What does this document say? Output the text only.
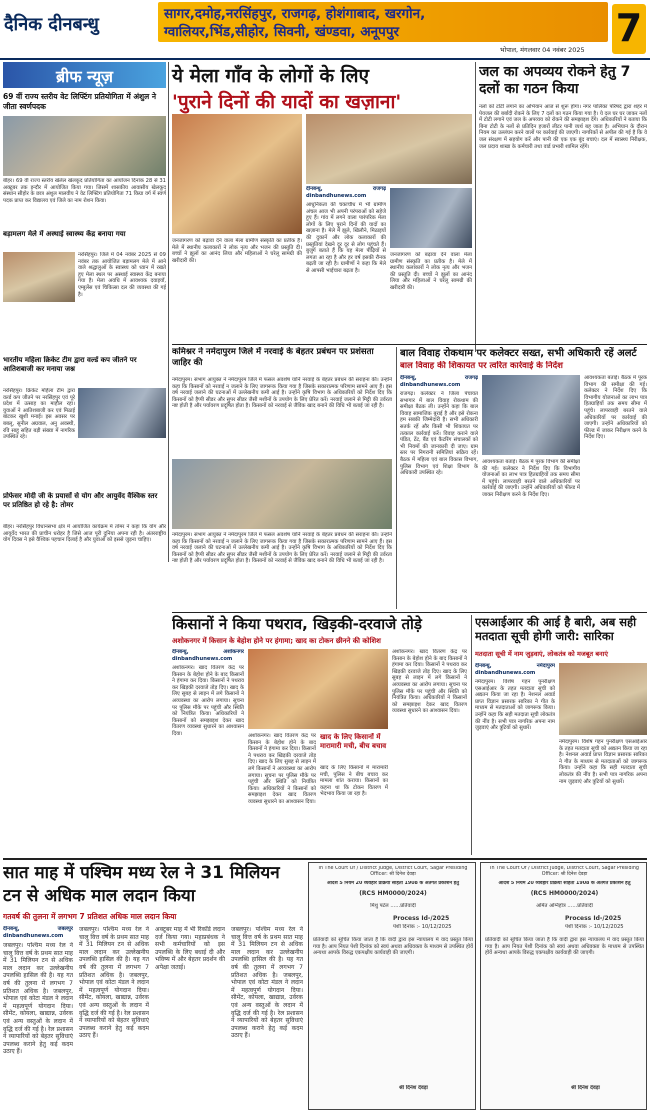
दैनिक दीनबन्धु	सागर,दमोह,नरसिंहपुर, राजगढ़, होशंगाबाद, खरगोन,
ग्वालियर,भिंड,सीहोर, सिवनी, खंण्डवा, अनूपपुर
भोपाल, मंगलवार 04 नवंबर 2025 7
ब्रीफ न्यूज़
69 वीं राज्य स्तरीय वेट लिफ्टिंग प्रतियोगिता में अंशुल ने जीता स्वर्णपदक
बीहर। 69 वी राज्य स्तरीय खेलेल खेलकूद प्रतियोगिता का आयोजन दिनांक 28 से 31 अक्टूबर तक इन्दौर में आयोजित किया गया। जिसमें शासकीय आवासीय खेलकूद संस्थान सीहोर के छात्र अंशुल मालवीय ने वेट लिफ्टिंग प्रतियोगिता 71 किग्रा वर्ग में स्वर्ण पदक प्राप्त कर विद्यालय एवं जिले का नाम रोशन किया।
बड़ामलग मेले में अस्थाई स्वास्थ्य केंद्र बनाया गया
नरसिंहपुर। जिले में 04 नवंबर 2025 से 09 नवंबर तक आयोजित बड़ामलग मेले में आने वाले श्रद्धालुओं के स्वास्थ्य को ध्यान में रखते हुए मेला स्थल पर अस्थाई स्वास्थ्य केंद्र बनाया गया है। मेला अवधि में आवश्यक दवाइयाँ, एम्बुलेंस एवं चिकित्सा दल की व्यवस्था की गई है।
भारतीय महिला क्रिकेट टीम द्वारा वर्ल्ड कप जीतने पर आतिशबाजी कर मनाया जश्न
नरसिंहपुर। क्रिकेट महिला टीम द्वारा वर्ल्ड कप जीतने पर नरसिंहपुर एवं पूरे प्रदेश में उत्साह का माहौल रहा। युवाओं ने आतिशबाजी कर एवं मिठाई बांटकर खुशी मनाई। इस अवसर पर बबलू, सुनील अग्रवाल, अनु अवस्थी, रवि साहू सहित बड़ी संख्या में नागरिक उपस्थित रहे।
प्रोफेसर मोदी जी के प्रयासों से योग और आयुर्वेद वैश्विक स्तर पर प्रतिष्ठित हो रहे है: तोमर
बीहर। नरसिंहपुर विधानसभा क्षेत्र में आयोजित कार्यक्रम में तोमर ने कहा कि योग और आयुर्वेद भारत की प्राचीन धरोहर है जिसे आज पूरी दुनिया अपना रही है। अंतरराष्ट्रीय योग दिवस ने इसे वैश्विक पहचान दिलाई है और युवाओं को इससे जुड़ना चाहिए।
ये मेला गाँव के लोगों के लिए
'पुराने दिनों की यादों का खज़ाना'
दीनबन्धु, राजगढ़ dinbandhunews.com
आधुनिकता की चकाचौंध में भी ग्रामीण अंचल आज भी अपनी परंपराओं को सहेजे हुए हैं। गांव में लगने वाला पारंपरिक मेला लोगों के लिए पुराने दिनों की यादों का खज़ाना है। मेले में झूले, खिलौने, मिठाइयों की दुकानें और लोक कलाकारों की प्रस्तुतियां देखने दूर दूर से लोग पहुंचते हैं। बुजुर्ग बताते हैं कि यह मेला पीढ़ियों से लगता आ रहा है और हर वर्ष इसकी रौनक बढ़ती जा रही है। ग्रामीणों ने कहा कि मेले से आपसी भाईचारा बढ़ता है।
जनजागरण को बढ़ावा देने वाला मेला ग्रामीण संस्कृति का प्रतीक है। मेले में स्थानीय कलाकारों ने लोक नृत्य और भजन की प्रस्तुति दी। बच्चों ने झूलों का आनंद लिया और महिलाओं ने घरेलू सामग्री की खरीदारी की।
जनजागरण को बढ़ावा देने वाला मेला ग्रामीण संस्कृति का प्रतीक है। मेले में स्थानीय कलाकारों ने लोक नृत्य और भजन की प्रस्तुति दी। बच्चों ने झूलों का आनंद लिया और महिलाओं ने घरेलू सामग्री की खरीदारी की।
जल का अपव्यय रोकने हेतु 7 दलों का गठन किया
नलों को टोटी लगाने का अभियान आज से शुरू होगा। नगर पालिका परिषद द्वारा शहर में पेयजल की बर्बादी रोकने के लिए 7 दलों का गठन किया गया है। ये दल घर घर जाकर नलों में टोटी लगाने एवं जल के अपव्यय को रोकने की समझाइश देंगे। अधिकारियों ने बताया कि बिना टोटी के नलों से प्रतिदिन हजारों लीटर पानी व्यर्थ बह जाता है। अभियान के दौरान नियम का उल्लंघन करने वालों पर कार्रवाई की जाएगी। नागरिकों से अपील की गई है कि वे जल संरक्षण में सहयोग करें और पानी की एक एक बूंद बचाएं। दल में स्वास्थ्य निरीक्षक, जल प्रदाय शाखा के कर्मचारी तथा वार्ड प्रभारी शामिल रहेंगे।
कमिश्नर ने नर्मदापुरम जिले में नरवाई के बेहतर प्रबंधन पर प्रशंसता जाहिर की
नर्मदापुरम। संभाग आयुक्त ने नर्मदापुरम जिले में फसल अवशेष यानि नरवाई के बेहतर प्रबंधन की सराहना की। उन्होंने कहा कि किसानों को नरवाई न जलाने के लिए जागरूक किया गया है जिसके सकारात्मक परिणाम सामने आए हैं। इस वर्ष नरवाई जलाने की घटनाओं में उल्लेखनीय कमी आई है। उन्होंने कृषि विभाग के अधिकारियों को निर्देश दिए कि किसानों को हैप्पी सीडर और सुपर सीडर जैसी मशीनों के उपयोग के लिए प्रेरित करें। नरवाई जलाने से मिट्टी की उर्वरता नष्ट होती है और पर्यावरण प्रदूषित होता है। किसानों को नरवाई से जैविक खाद बनाने की विधि भी बताई जा रही है।
नर्मदापुरम। संभाग आयुक्त ने नर्मदापुरम जिले में फसल अवशेष यानि नरवाई के बेहतर प्रबंधन की सराहना की। उन्होंने कहा कि किसानों को नरवाई न जलाने के लिए जागरूक किया गया है जिसके सकारात्मक परिणाम सामने आए हैं। इस वर्ष नरवाई जलाने की घटनाओं में उल्लेखनीय कमी आई है। उन्होंने कृषि विभाग के अधिकारियों को निर्देश दिए कि किसानों को हैप्पी सीडर और सुपर सीडर जैसी मशीनों के उपयोग के लिए प्रेरित करें। नरवाई जलाने से मिट्टी की उर्वरता नष्ट होती है और पर्यावरण प्रदूषित होता है। किसानों को नरवाई से जैविक खाद बनाने की विधि भी बताई जा रही है।
बाल विवाह रोकथाम पर कलेक्टर सख्त, सभी अधिकारी रहें अलर्ट
बाल विवाह की शिकायत पर त्वरित कार्रवाई के निर्देश
दीनबन्धु, राजगढ़ dinbandhunews.com
राजगढ़। कलेक्टर ने जिला पंचायत सभागार में बाल विवाह रोकथाम की समीक्षा बैठक ली। उन्होंने कहा कि बाल विवाह सामाजिक बुराई है और इसे रोकना हम सबकी जिम्मेदारी है। सभी अधिकारी सतर्क रहें और किसी भी शिकायत पर तत्काल कार्रवाई करें। विवाह कराने वाले पंडित, टेंट, बैंड एवं कैटरिंग संचालकों को भी नियमों की जानकारी दी जाए। ग्राम स्तर पर निगरानी समितियां सक्रिय रहें। बैठक में महिला एवं बाल विकास विभाग, पुलिस विभाग एवं शिक्षा विभाग के अधिकारी उपस्थित रहे।
आवश्यकता बताई। बैठक में पूरक विभाग की समीक्षा की गई। कलेक्टर ने निर्देश दिए कि विभागीय योजनाओं का लाभ पात्र हितग्राहियों तक समय सीमा में पहुंचे। लापरवाही बरतने वाले अधिकारियों पर कार्रवाई की जाएगी। उन्होंने अधिकारियों को फील्ड में जाकर निरीक्षण करने के निर्देश दिए।
आवश्यकता बताई। बैठक में पूरक विभाग की समीक्षा की गई। कलेक्टर ने निर्देश दिए कि विभागीय योजनाओं का लाभ पात्र हितग्राहियों तक समय सीमा में पहुंचे। लापरवाही बरतने वाले अधिकारियों पर कार्रवाई की जाएगी। उन्होंने अधिकारियों को फील्ड में जाकर निरीक्षण करने के निर्देश दिए।
किसानों ने किया पथराव, खिड़की-दरवाजे तोड़े
अशोकनगर में किसान के बेहोश होने पर हंगामा; खाद का टोकन छीनने की कोशिश
दीनबन्धु, अशोकनगर dinbandhunews.com
अशोकनगर। खाद वितरण केंद्र पर किसान के बेहोश होने के बाद किसानों ने हंगामा कर दिया। किसानों ने पथराव कर खिड़की दरवाजे तोड़ दिए। खाद के लिए सुबह से लाइन में लगे किसानों ने अव्यवस्था का आरोप लगाया। सूचना पर पुलिस मौके पर पहुंची और स्थिति को नियंत्रित किया। अधिकारियों ने किसानों को समझाइश देकर खाद वितरण व्यवस्था सुधारने का आश्वासन दिया।	अशोकनगर। खाद वितरण केंद्र पर किसान के बेहोश होने के बाद किसानों ने हंगामा कर दिया। किसानों ने पथराव कर खिड़की दरवाजे तोड़ दिए। खाद के लिए सुबह से लाइन में लगे किसानों ने अव्यवस्था का आरोप लगाया। सूचना पर पुलिस मौके पर पहुंची और स्थिति को नियंत्रित किया। अधिकारियों ने किसानों को समझाइश देकर खाद वितरण व्यवस्था सुधारने का आश्वासन दिया।
खाद के लिए किसानों में मारामारी मची, बीच बचाव
खाद के लिए किसानों में मारामारी मची, पुलिस ने बीच बचाव कर मामला शांत कराया। किसानों का कहना था कि टोकन वितरण में भेदभाव किया जा रहा है।
अशोकनगर। खाद वितरण केंद्र पर किसान के बेहोश होने के बाद किसानों ने हंगामा कर दिया। किसानों ने पथराव कर खिड़की दरवाजे तोड़ दिए। खाद के लिए सुबह से लाइन में लगे किसानों ने अव्यवस्था का आरोप लगाया। सूचना पर पुलिस मौके पर पहुंची और स्थिति को नियंत्रित किया। अधिकारियों ने किसानों को समझाइश देकर खाद वितरण व्यवस्था सुधारने का आश्वासन दिया।
एसआईआर की आई है बारी, अब सही मतदाता सूची होगी जारी: सारिका
मतदाता सूची में नाम जुड़वाएं, लोकतंत्र को मजबूत बनाएं
दीनबन्धु, नर्मदापुरम dinbandhunews.com
नर्मदापुरम। विशेष गहन पुनरीक्षण एसआईआर के तहत मतदाता सूची को अद्यतन किया जा रहा है। नेशनल अवार्ड प्राप्त विज्ञान प्रसारक सारिका ने गीत के माध्यम से मतदाताओं को जागरूक किया। उन्होंने कहा कि सही मतदाता सूची लोकतंत्र की नींव है। सभी पात्र नागरिक अपना नाम जुड़वाएं और त्रुटियों को सुधारें।
नर्मदापुरम। विशेष गहन पुनरीक्षण एसआईआर के तहत मतदाता सूची को अद्यतन किया जा रहा है। नेशनल अवार्ड प्राप्त विज्ञान प्रसारक सारिका ने गीत के माध्यम से मतदाताओं को जागरूक किया। उन्होंने कहा कि सही मतदाता सूची लोकतंत्र की नींव है। सभी पात्र नागरिक अपना नाम जुड़वाएं और त्रुटियों को सुधारें।
सात माह में पश्चिम मध्य रेल ने 31 मिलियन टन से अधिक माल लदान किया
गतवर्ष की तुलना में लगभग 7 प्रतिशत अधिक माल लदान किया
दीनबन्धु, जबलपुर dinbandhunews.com
जबलपुर। पश्चिम मध्य रेल ने चालू वित्त वर्ष के प्रथम सात माह में 31 मिलियन टन से अधिक माल लदान कर उल्लेखनीय उपलब्धि हासिल की है। यह गत वर्ष की तुलना में लगभग 7 प्रतिशत अधिक है। जबलपुर, भोपाल एवं कोटा मंडल ने लदान में महत्वपूर्ण योगदान दिया। सीमेंट, कोयला, खाद्यान्न, उर्वरक एवं अन्य वस्तुओं के लदान में वृद्धि दर्ज की गई है। रेल प्रशासन ने व्यापारियों को बेहतर सुविधाएं उपलब्ध कराने हेतु कई कदम उठाए हैं।
जबलपुर। पश्चिम मध्य रेल ने चालू वित्त वर्ष के प्रथम सात माह में 31 मिलियन टन से अधिक माल लदान कर उल्लेखनीय उपलब्धि हासिल की है। यह गत वर्ष की तुलना में लगभग 7 प्रतिशत अधिक है। जबलपुर, भोपाल एवं कोटा मंडल ने लदान में महत्वपूर्ण योगदान दिया। सीमेंट, कोयला, खाद्यान्न, उर्वरक एवं अन्य वस्तुओं के लदान में वृद्धि दर्ज की गई है। रेल प्रशासन ने व्यापारियों को बेहतर सुविधाएं उपलब्ध कराने हेतु कई कदम उठाए हैं।
अक्टूबर माह में भी रिकॉर्ड लदान दर्ज किया गया। महाप्रबंधक ने सभी कर्मचारियों को इस उपलब्धि के लिए बधाई दी और भविष्य में और बेहतर प्रदर्शन की अपेक्षा जताई।
जबलपुर। पश्चिम मध्य रेल ने चालू वित्त वर्ष के प्रथम सात माह में 31 मिलियन टन से अधिक माल लदान कर उल्लेखनीय उपलब्धि हासिल की है। यह गत वर्ष की तुलना में लगभग 7 प्रतिशत अधिक है। जबलपुर, भोपाल एवं कोटा मंडल ने लदान में महत्वपूर्ण योगदान दिया। सीमेंट, कोयला, खाद्यान्न, उर्वरक एवं अन्य वस्तुओं के लदान में वृद्धि दर्ज की गई है। रेल प्रशासन ने व्यापारियों को बेहतर सुविधाएं उपलब्ध कराने हेतु कई कदम उठाए हैं।
In The Court Of / District Judge, District Court, Sagar Presiding Officer: श्री दिनेश देवड़ा
आदेश 5 नियम 20 व्यवहार प्रक्रिया संहिता 1908 के अंतर्गत प्रकाशन हेतु
(RCS HM0000/2024)
मिथु पटेल ......प्रतिवादी
Process Id-/2025
पेशी दिनांक :- 10/12/2025
प्रतिवादी को सूचित किया जाता है कि वादी द्वारा इस न्यायालय में वाद प्रस्तुत किया गया है। आप नियत पेशी दिनांक को स्वयं अथवा अधिवक्ता के माध्यम से उपस्थित होवें अन्यथा आपके विरुद्ध एकपक्षीय कार्यवाही की जाएगी।
श्री दिनेश देवड़ा
In The Court Of / District Judge, District Court, Sagar Presiding Officer: श्री दिनेश देवड़ा
आदेश 5 नियम 20 व्यवहार प्रक्रिया संहिता 1908 के अंतर्गत प्रकाशन हेतु
(RCS HM0000/2024)
अमित अग्निहोत्र ......प्रतिवादी
Process Id-/2025
पेशी दिनांक :- 10/12/2025
प्रतिवादी को सूचित किया जाता है कि वादी द्वारा इस न्यायालय में वाद प्रस्तुत किया गया है। आप नियत पेशी दिनांक को स्वयं अथवा अधिवक्ता के माध्यम से उपस्थित होवें अन्यथा आपके विरुद्ध एकपक्षीय कार्यवाही की जाएगी।
श्री दिनेश देवड़ा
